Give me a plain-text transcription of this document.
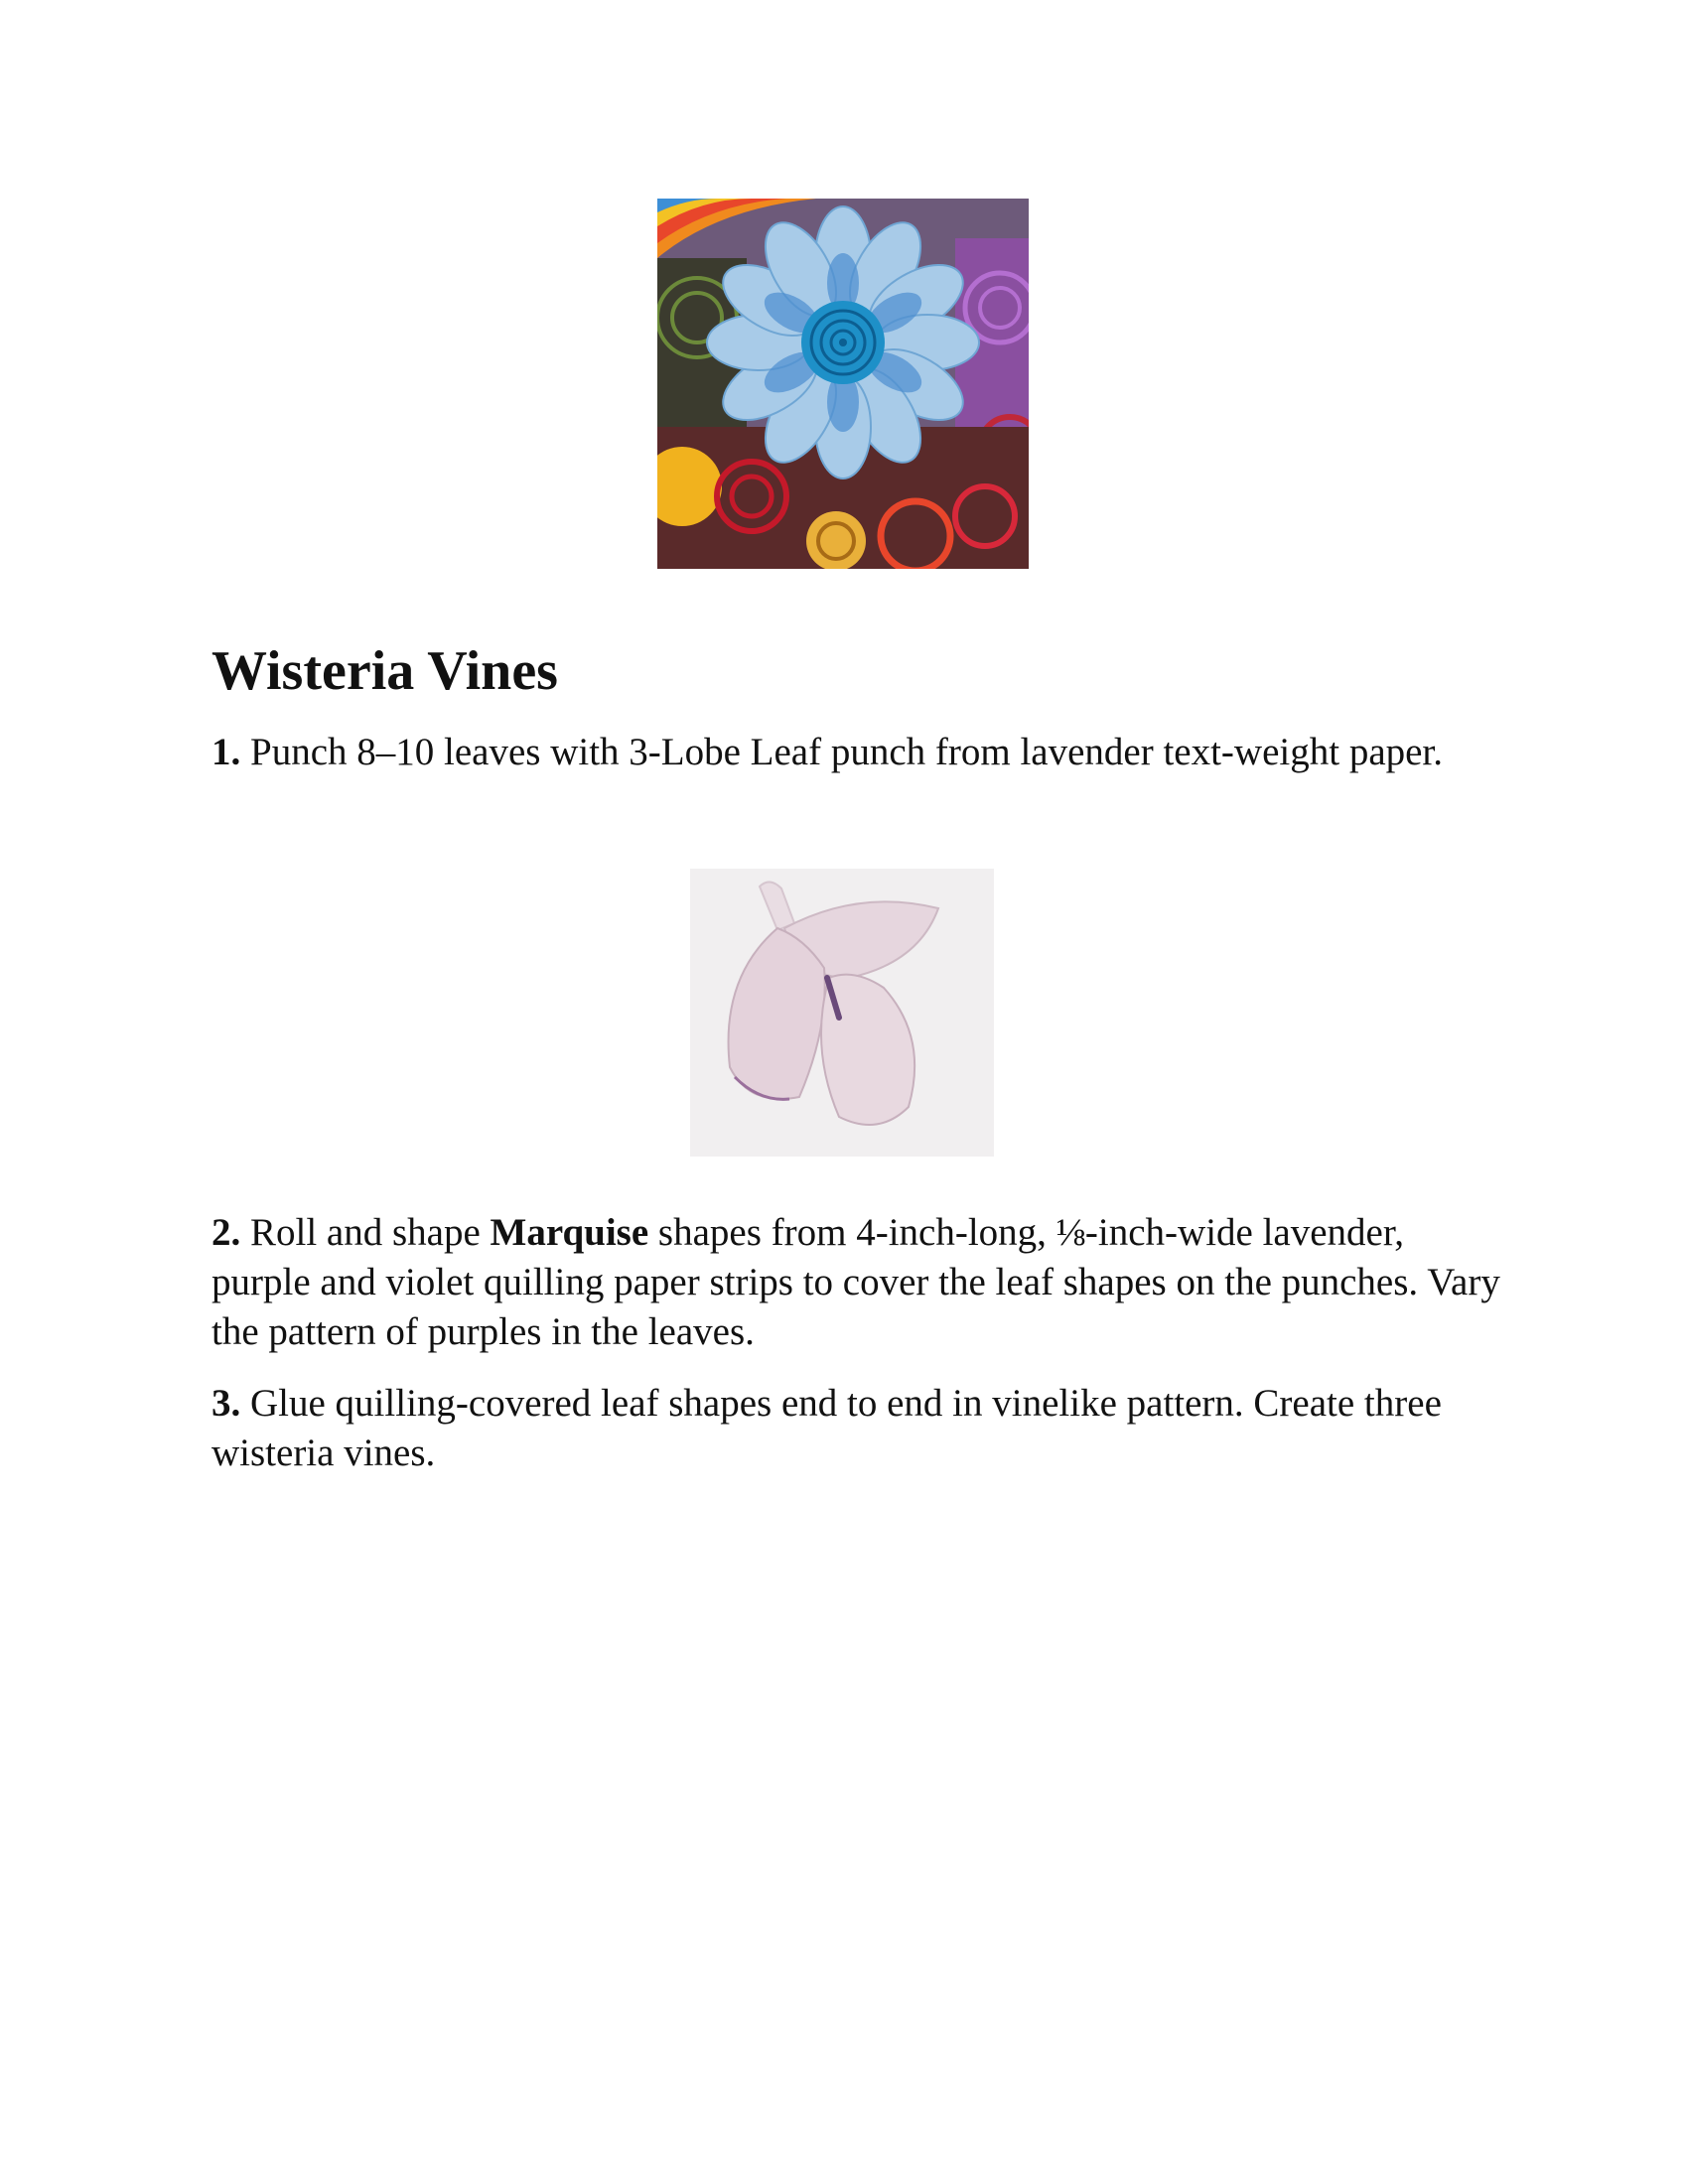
Wisteria Vines

1. Punch 8–10 leaves with 3-Lobe Leaf punch from lavender text-weight paper.

2. Roll and shape Marquise shapes from 4-inch-long, ⅛-inch-wide lavender, purple and violet quilling paper strips to cover the leaf shapes on the punches. Vary the pattern of purples in the leaves.

3. Glue quilling-covered leaf shapes end to end in vinelike pattern. Create three wisteria vines.
